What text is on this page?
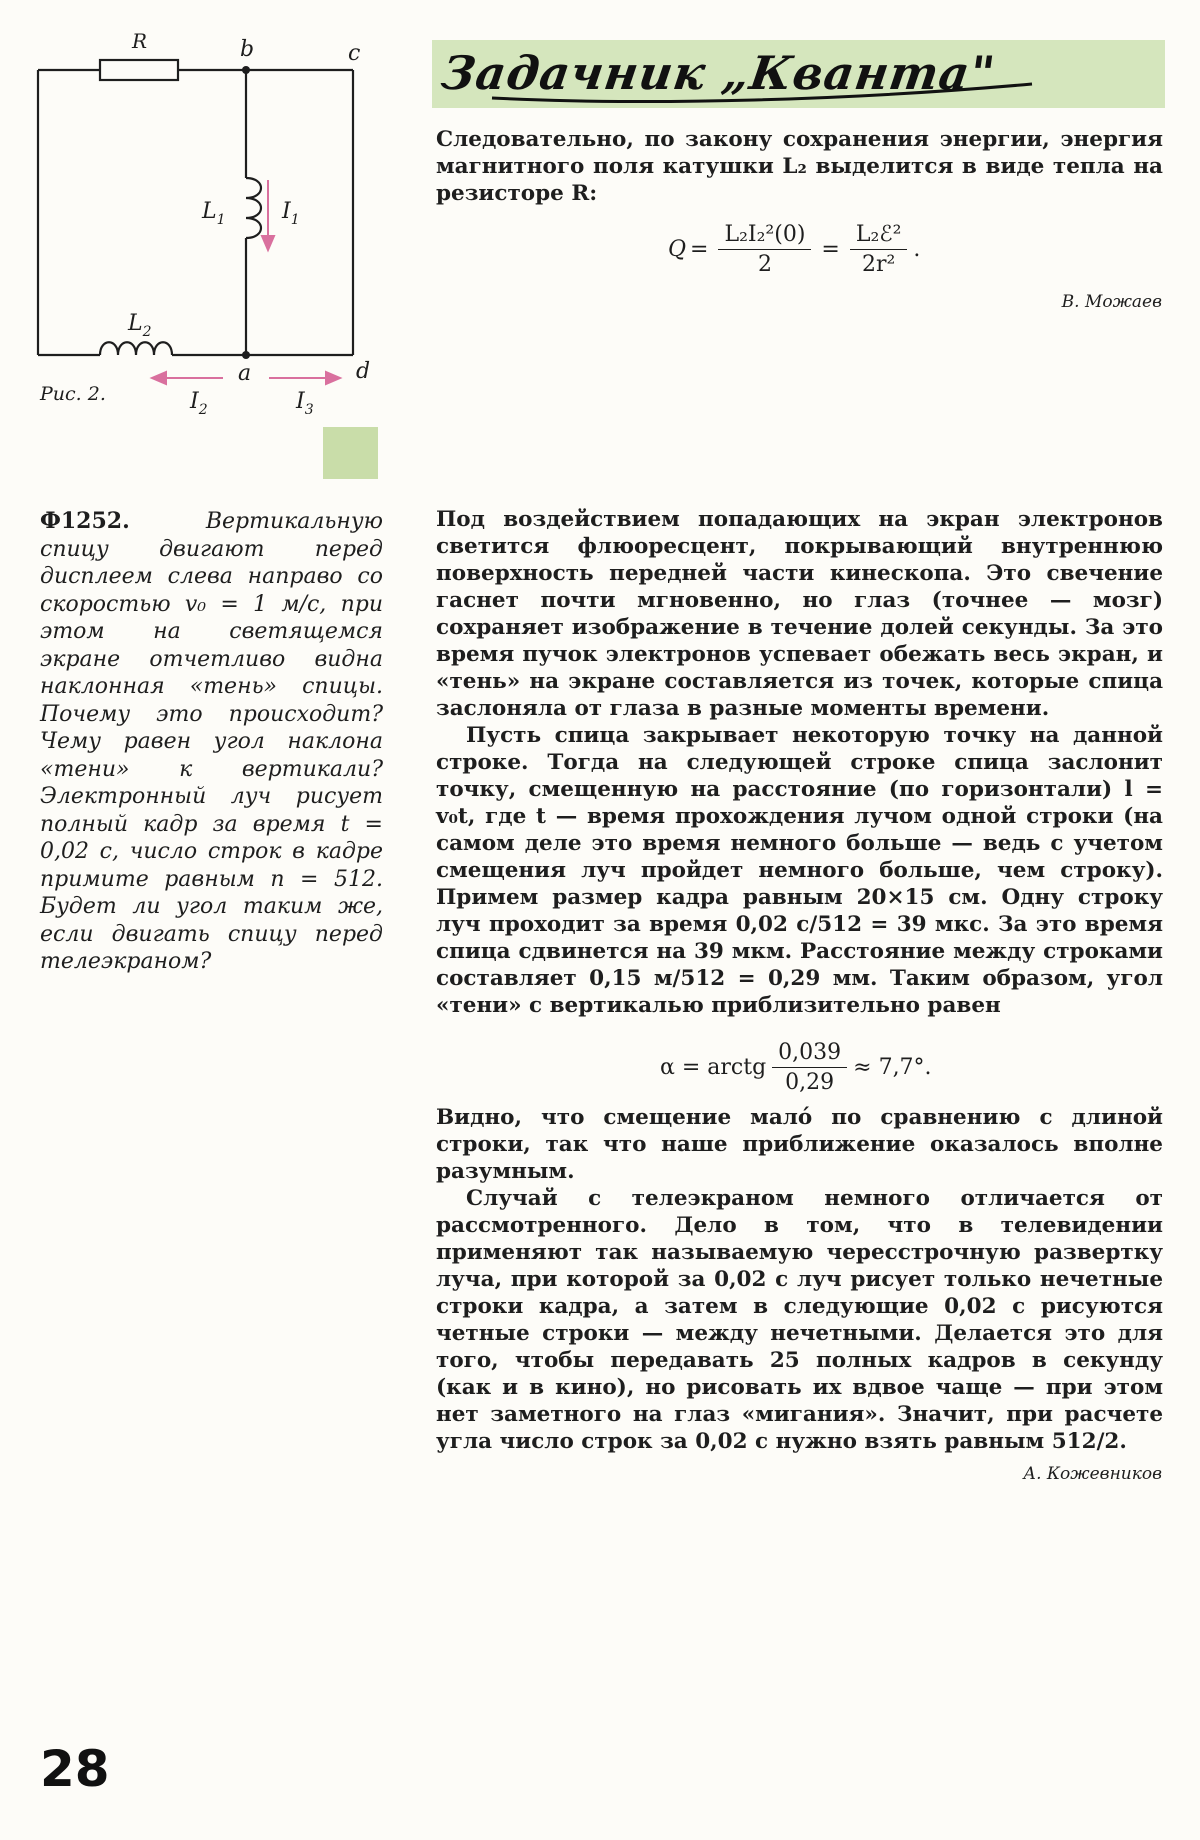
R	b	c
$L_1$	$I_1$
$L_2$
a	d
$I_2$	$I_3$
Рис. 2.
Задачник „Кванта"

Следовательно, по закону сохранения энергии, энергия магнитного поля катушки L₂ выделится в виде тепла на резисторе R:

$Q = \frac{\text{L₂I₂²(0)}}{2} = \frac{\text{L₂ℰ²}}{\text{2r²}}$ .
В. Можаев
Ф1252.	Вертикальную спицу двигают перед дисплеем слева направо со скоростью v₀ = 1 м/с, при этом на светящемся экране отчетливо видна наклонная «тень» спицы. Почему это происходит? Чему равен угол наклона «тени» к вертикали? Электронный луч рисует полный кадр за время t = 0,02 с, число строк в кадре примите равным n = 512. Будет ли угол таким же, если двигать спицу перед телеэкраном?

Под воздействием попадающих на экран электронов светится флюоресцент, покрывающий внутреннюю поверхность передней части кинескопа. Это свечение гаснет почти мгновенно, но глаз (точнее — мозг) сохраняет изображение в течение долей секунды. За это время пучок электронов успевает обежать весь экран, и «тень» на экране составляется из точек, которые спица заслоняла от глаза в разные моменты времени.

Пусть спица закрывает некоторую точку на данной строке. Тогда на следующей строке спица заслонит точку, смещенную на расстояние (по горизонтали) l = v₀t, где t — время прохождения лучом одной строки (на самом деле это время немного больше — ведь с учетом смещения луч пройдет немного больше, чем строку). Примем размер кадра равным 20×15 см. Одну строку луч проходит за время 0,02 с/512 = 39 мкс. За это время спица сдвинется на 39 мкм. Расстояние между строками составляет 0,15 м/512 = 0,29 мм. Таким образом, угол «тени» с вертикалью приблизительно равен

α = arctg $\frac{0,039}{0,29} \approx 7,7^\circ$.

Видно, что смещение мало́ по сравнению с длиной строки, так что наше приближение оказалось вполне разумным.

Случай с телеэкраном немного отличается от рассмотренного. Дело в том, что в телевидении применяют так называемую чересстрочную развертку луча, при которой за 0,02 с луч рисует только нечетные строки кадра, а затем в следующие 0,02 с рисуются четные строки — между нечетными. Делается это для того, чтобы передавать 25 полных кадров в секунду (как и в кино), но рисовать их вдвое чаще — при этом нет заметного на глаз «мигания». Значит, при расчете угла число строк за 0,02 с нужно взять равным 512/2.

А. Кожевников
28
